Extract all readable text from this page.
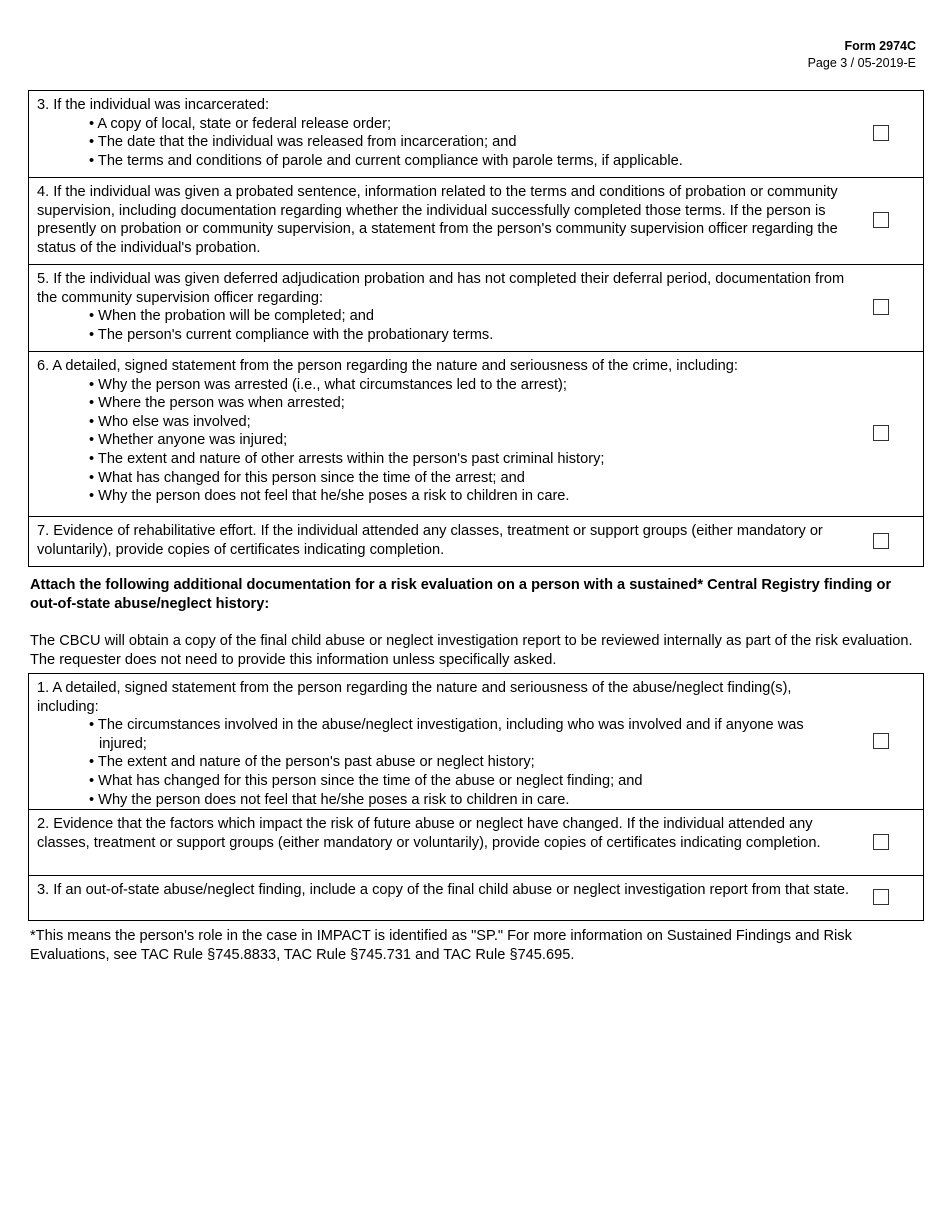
Form 2974C
Page 3 / 05-2019-E
3. If the individual was incarcerated:
• A copy of local, state or federal release order;
• The date that the individual was released from incarceration; and
• The terms and conditions of parole and current compliance with parole terms, if applicable.
4. If the individual was given a probated sentence, information related to the terms and conditions of probation or community supervision, including documentation regarding whether the individual successfully completed those terms. If the person is presently on probation or community supervision, a statement from the person's community supervision officer regarding the status of the individual's probation.
5. If the individual was given deferred adjudication probation and has not completed their deferral period, documentation from the community supervision officer regarding:
• When the probation will be completed; and
• The person's current compliance with the probationary terms.
6. A detailed, signed statement from the person regarding the nature and seriousness of the crime, including:
• Why the person was arrested (i.e., what circumstances led to the arrest);
• Where the person was when arrested;
• Who else was involved;
• Whether anyone was injured;
• The extent and nature of other arrests within the person's past criminal history;
• What has changed for this person since the time of the arrest; and
• Why the person does not feel that he/she poses a risk to children in care.
7. Evidence of rehabilitative effort. If the individual attended any classes, treatment or support groups (either mandatory or voluntarily), provide copies of certificates indicating completion.
Attach the following additional documentation for a risk evaluation on a person with a sustained* Central Registry finding or out-of-state abuse/neglect history:
The CBCU will obtain a copy of the final child abuse or neglect investigation report to be reviewed internally as part of the risk evaluation. The requester does not need to provide this information unless specifically asked.
1. A detailed, signed statement from the person regarding the nature and seriousness of the abuse/neglect finding(s), including:
• The circumstances involved in the abuse/neglect investigation, including who was involved and if anyone was injured;
• The extent and nature of the person's past abuse or neglect history;
• What has changed for this person since the time of the abuse or neglect finding; and
• Why the person does not feel that he/she poses a risk to children in care.
2. Evidence that the factors which impact the risk of future abuse or neglect have changed. If the individual attended any classes, treatment or support groups (either mandatory or voluntarily), provide copies of certificates indicating completion.
3. If an out-of-state abuse/neglect finding, include a copy of the final child abuse or neglect investigation report from that state.
*This means the person's role in the case in IMPACT is identified as "SP." For more information on Sustained Findings and Risk Evaluations, see TAC Rule §745.8833, TAC Rule §745.731 and TAC Rule §745.695.
